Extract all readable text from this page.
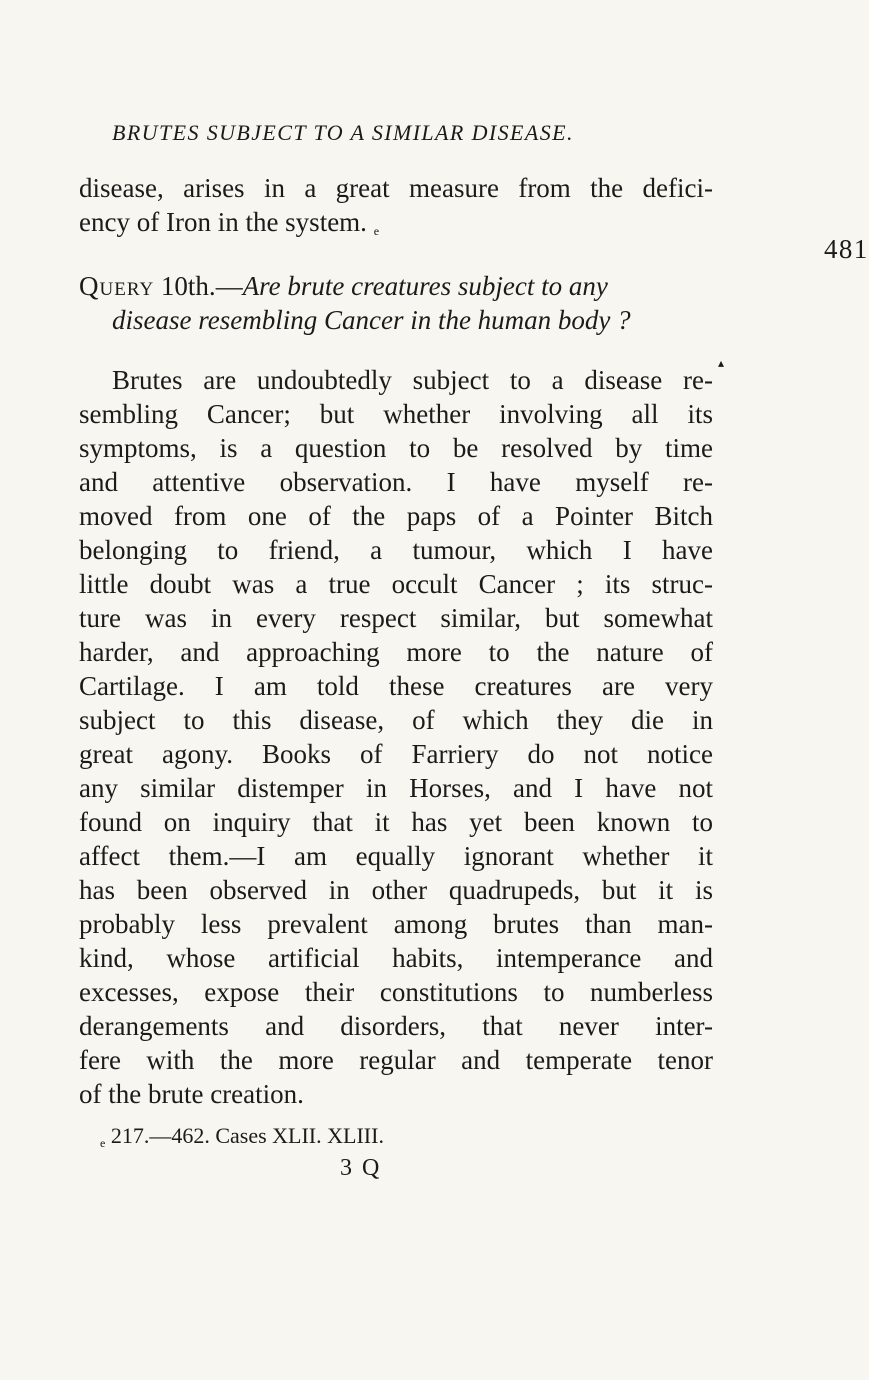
BRUTES SUBJECT TO A SIMILAR DISEASE.
481
disease, arises in a great measure from the defici-
ency of Iron in the system. $_e$
Query 10th.—Are brute creatures subject to any
disease resembling Cancer in the human body ?
▴
Brutes are undoubtedly subject to a disease re-
sembling Cancer; but whether involving all its
symptoms, is a question to be resolved by time
and attentive observation. I have myself re-
moved from one of the paps of a Pointer Bitch
belonging to friend, a tumour, which I have
little doubt was a true occult Cancer ; its struc-
ture was in every respect similar, but somewhat
harder, and approaching more to the nature of
Cartilage. I am told these creatures are very
subject to this disease, of which they die in
great agony. Books of Farriery do not notice
any similar distemper in Horses, and I have not
found on inquiry that it has yet been known to
affect them.—I am equally ignorant whether it
has been observed in other quadrupeds, but it is
probably less prevalent among brutes than man-
kind, whose artificial habits, intemperance and
excesses, expose their constitutions to numberless
derangements and disorders, that never inter-
fere with the more regular and temperate tenor
of the brute creation.
$_e$ 217.—462. Cases XLII. XLIII.
3 Q
